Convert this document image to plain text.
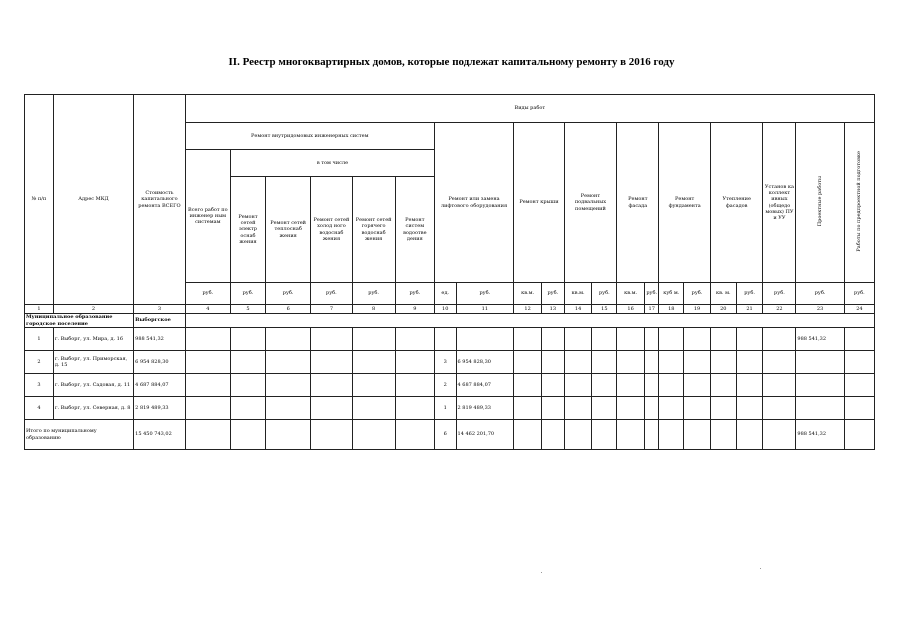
II. Реестр многоквартирных домов, которые подлежат капитальному ремонту в 2016 году
№ п/п	Адрес МКД	Стоимость капитального ремонта ВСЕГО	Виды работ																				
			Ремонт внутридомовых инженерных систем						Ремонт или замена лифтового оборудования		Ремонт крыши		Ремонт подвальных помещений		Ремонт фасада		Ремонт фундамента		Утепление фасадов		Установ ка коллект ивных (общедо мовых) ПУ и УУ	Проектные работы	Работы по предпроектной подготовке
			Всего работ по инженер ным системам	в том числе																			
				Ремонт сетей электр оснаб жения	Ремонт сетей теплоснаб жения	Ремонт сетей холод ного водоснаб жения	Ремонт сетей горячего водоснаб жения	Ремонт систем водоотве дения															
			руб.	руб.	руб.	руб.	руб.	руб.	ед.	руб.	кв.м.	руб.	кв.м.	руб.	кв.м.	руб.	куб м.	руб.	кв. м.	руб.	руб.	руб.	руб.
1	2	3	4	5	6	7	8	9	10	11	12	13	14	15	16	17	18	19	20	21	22	23	24
Муниципальное образование городское поселение		Выборгское																					
1	г. Выборг, ул. Мира, д. 16	988 541,32																				988 541,32	
2	г. Выборг, ул. Приморская, д. 15	6 954 828,30							3	6 954 828,30													
3	г. Выборг, ул. Садовая, д. 11	4 687 884,07							2	4 687 884,07													
4	г. Выборг, ул. Северная, д. 8	2 819 489,33							1	2 819 489,33													
Итого по муниципальному образованию		15 450 743,02							6	14 462 201,70												988 541,32	
